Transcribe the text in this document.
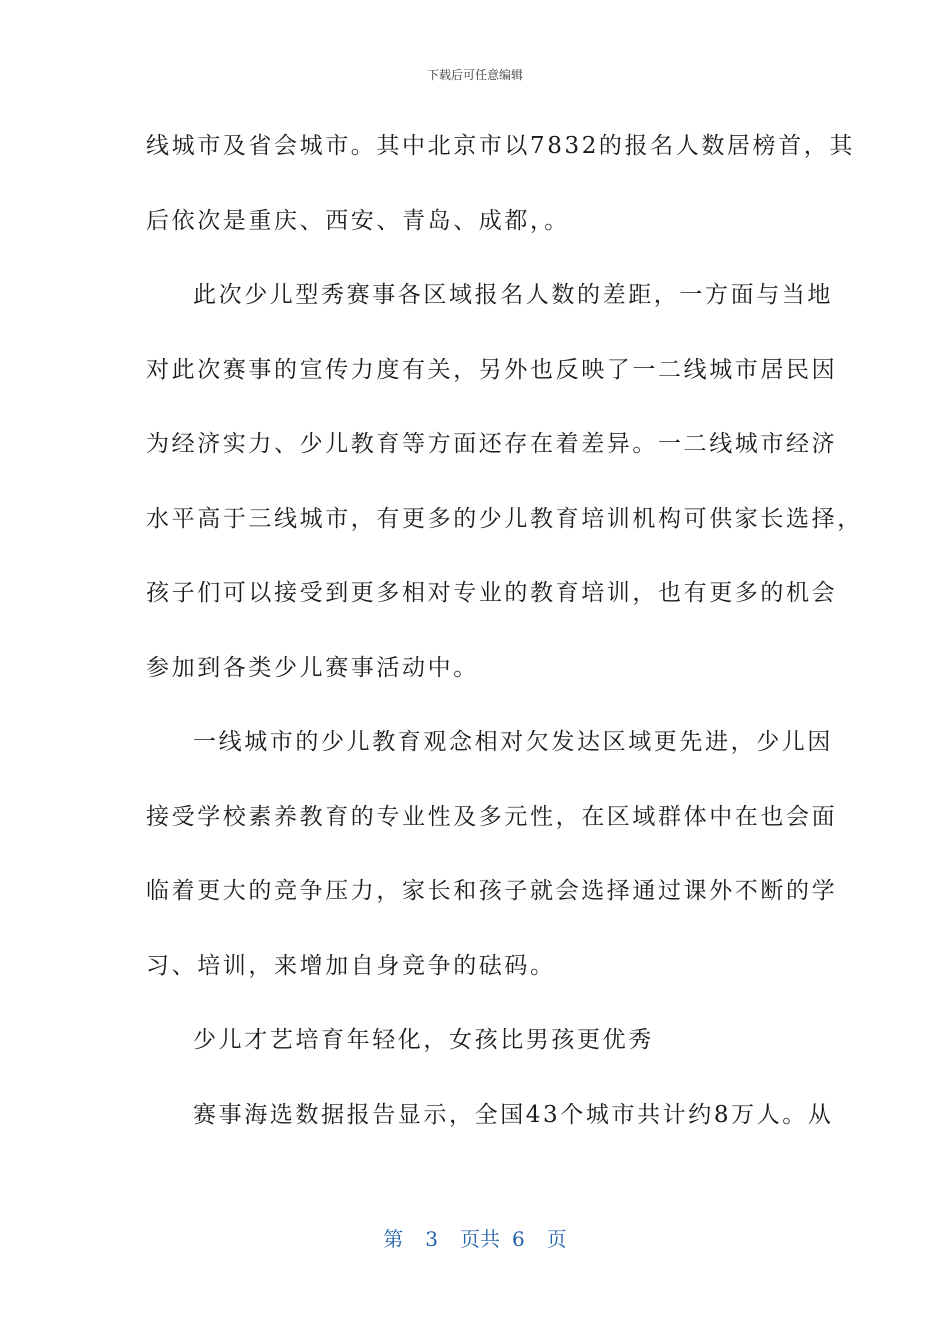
下载后可任意编辑
线城市及省会城市。其中北京市以7832的报名人数居榜首，其
后依次是重庆、西安、青岛、成都，。
此次少儿型秀赛事各区域报名人数的差距，一方面与当地
对此次赛事的宣传力度有关，另外也反映了一二线城市居民因
为经济实力、少儿教育等方面还存在着差异。一二线城市经济
水平高于三线城市，有更多的少儿教育培训机构可供家长选择，
孩子们可以接受到更多相对专业的教育培训，也有更多的机会
参加到各类少儿赛事活动中。
一线城市的少儿教育观念相对欠发达区域更先进，少儿因
接受学校素养教育的专业性及多元性，在区域群体中在也会面
临着更大的竞争压力，家长和孩子就会选择通过课外不断的学
习、培训，来增加自身竞争的砝码。
少儿才艺培育年轻化，女孩比男孩更优秀
赛事海选数据报告显示，全国43个城市共计约8万人。从
第 3 页共 6 页
